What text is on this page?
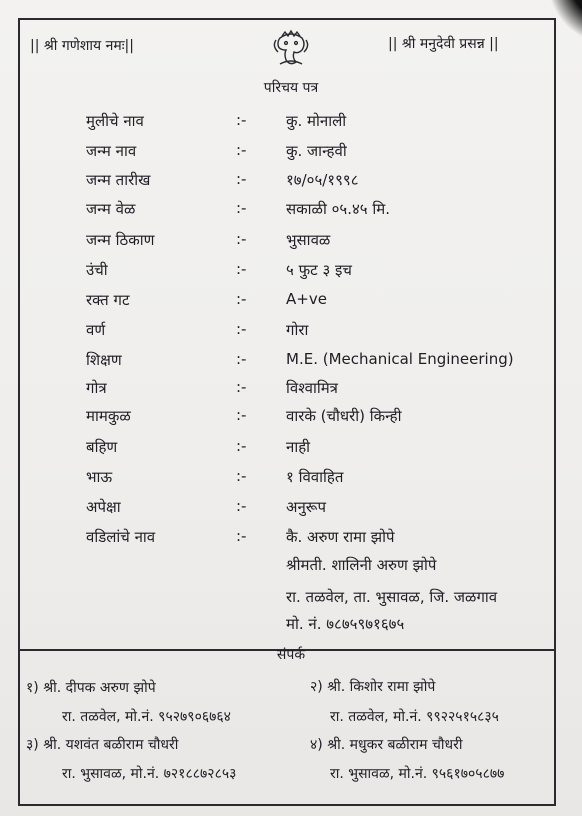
|| श्री गणेशाय नमः||	|| श्री मनुदेवी प्रसन्न ||
परिचय पत्र
मुलीचे नाव	:-	कु. मोनाली
जन्म नाव	:-	कु. जान्हवी
जन्म तारीख	:-	१७/०५/१९९८
जन्म वेळ	:-	सकाळी ०५.४५ मि.
जन्म ठिकाण	:-	भुसावळ
उंची	:-	५ फुट ३ इच
रक्त गट	:-	A+ve
वर्ण	:-	गोरा
शिक्षण	:-	M.E. (Mechanical Engineering)
गोत्र	:-	विश्वामित्र
मामकुळ	:-	वारके (चौधरी) किन्ही
बहिण	:-	नाही
भाऊ	:-	१ विवाहित
अपेक्षा	:-	अनुरूप
वडिलांचे नाव	:-	कै. अरुण रामा झोपे
श्रीमती. शालिनी अरुण झोपे
रा. तळवेल, ता. भुसावळ, जि. जळगाव
मो. नं. ७८७५९७१६७५
संपर्क
१) श्री. दीपक अरुण झोपे
रा. तळवेल, मो.नं. ९५२७९०६७६४
२) श्री. किशोर रामा झोपे
रा. तळवेल, मो.नं. ९९२२५१५८३५
३) श्री. यशवंत बळीराम चौधरी
रा. भुसावळ, मो.नं. ७२१८८७२८५३
४) श्री. मधुकर बळीराम चौधरी
रा. भुसावळ, मो.नं. ९५६१७०५८७७
